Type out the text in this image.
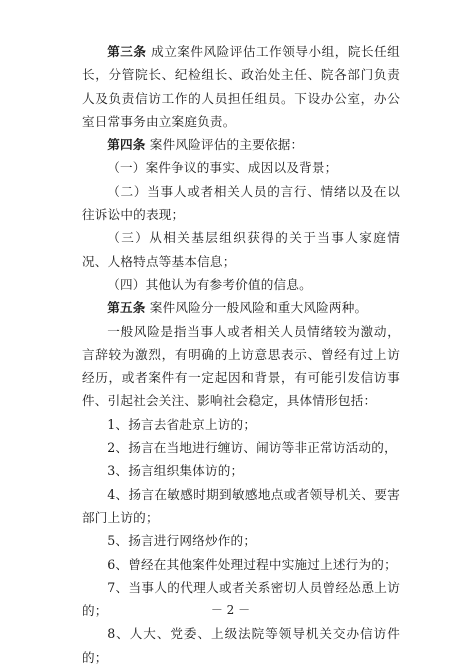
第三条 成立案件风险评估工作领导小组，院长任组长，分管院长、纪检组长、政治处主任、院各部门负责人及负责信访工作的人员担任组员。下设办公室，办公室日常事务由立案庭负责。

第四条 案件风险评估的主要依据：

（一）案件争议的事实、成因以及背景；

（二）当事人或者相关人员的言行、情绪以及在以往诉讼中的表现；

（三）从相关基层组织获得的关于当事人家庭情况、人格特点等基本信息；

（四）其他认为有参考价值的信息。

第五条 案件风险分一般风险和重大风险两种。

一般风险是指当事人或者相关人员情绪较为激动，言辞较为激烈，有明确的上访意思表示、曾经有过上访经历，或者案件有一定起因和背景，有可能引发信访事件、引起社会关注、影响社会稳定，具体情形包括：

1、扬言去省赴京上访的；

2、扬言在当地进行缠访、闹访等非正常访活动的，

3、扬言组织集体访的；

4、扬言在敏感时期到敏感地点或者领导机关、要害部门上访的；

5、扬言进行网络炒作的；

6、曾经在其他案件处理过程中实施过上述行为的；

7、当事人的代理人或者关系密切人员曾经怂恿上访的；

8、人大、党委、上级法院等领导机关交办信访件的；

－ 2 －
